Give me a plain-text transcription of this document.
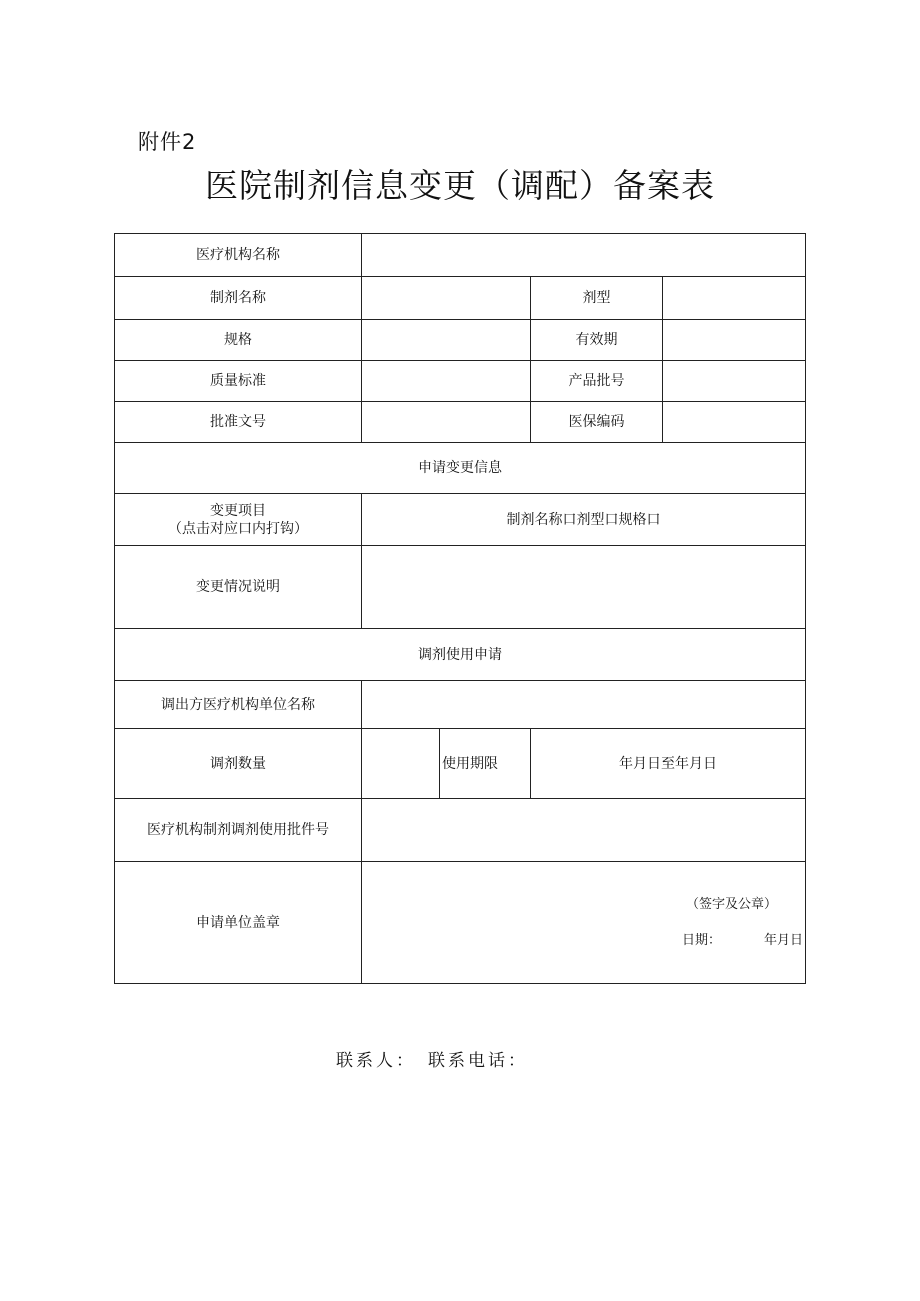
附件2
医院制剂信息变更（调配）备案表
医疗机构名称				
制剂名称			剂型	
规格			有效期	
质量标准			产品批号	
批准文号			医保编码	
申请变更信息				

变更项目
（点击对应口内打钩）	制剂名称口剂型口规格口			
变更情况说明				
调剂使用申请				
调出方医疗机构单位名称				
调剂数量		使用期限	年月日至年月日	
医疗机构制剂调剂使用批件号				
申请单位盖章	（签字及公章）
日期： 年月日			
联系人： 联系电话：
